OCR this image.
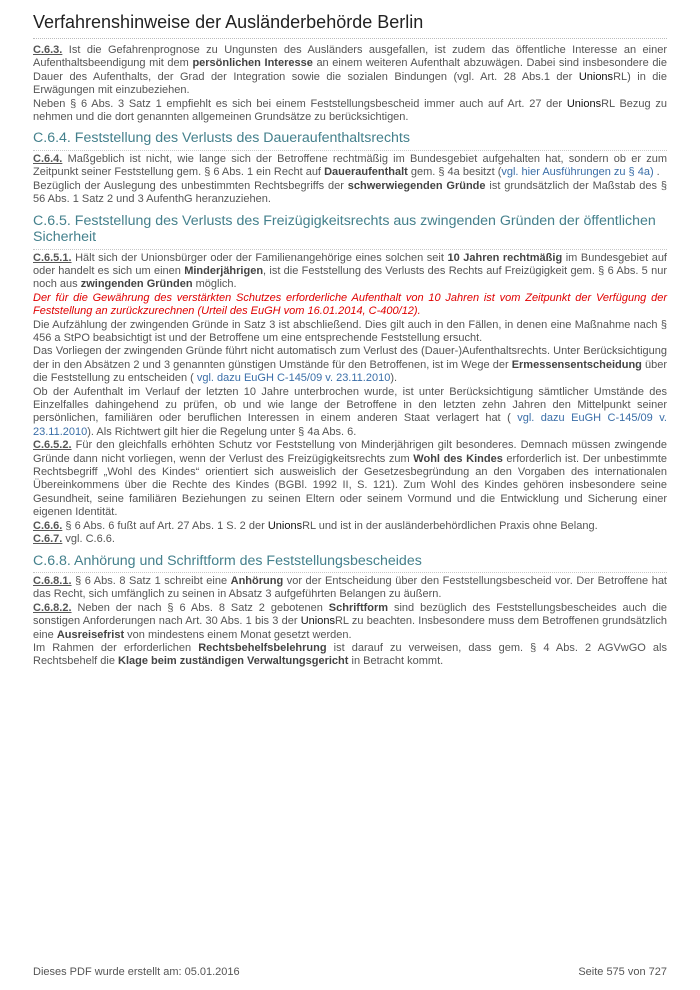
Verfahrenshinweise der Ausländerbehörde Berlin

C.6.3. Ist die Gefahrenprognose zu Ungunsten des Ausländers ausgefallen, ist zudem das öffentliche Interesse an einer Aufenthaltsbeendigung mit dem persönlichen Interesse an einem weiteren Aufenthalt abzuwägen. Dabei sind insbesondere die Dauer des Aufenthalts, der Grad der Integration sowie die sozialen Bindungen (vgl. Art. 28 Abs.1 der UnionsRL) in die Erwägungen mit einzubeziehen.

Neben § 6 Abs. 3 Satz 1 empfiehlt es sich bei einem Feststellungsbescheid immer auch auf Art. 27 der UnionsRL Bezug zu nehmen und die dort genannten allgemeinen Grundsätze zu berücksichtigen.

C.6.4. Feststellung des Verlusts des Daueraufenthaltsrechts

C.6.4. Maßgeblich ist nicht, wie lange sich der Betroffene rechtmäßig im Bundesgebiet aufgehalten hat, sondern ob er zum Zeitpunkt seiner Feststellung gem. § 6 Abs. 1 ein Recht auf Daueraufenthalt gem. § 4a besitzt (vgl. hier Ausführungen zu § 4a) .

Bezüglich der Auslegung des unbestimmten Rechtsbegriffs der schwerwiegenden Gründe ist grundsätzlich der Maßstab des § 56 Abs. 1 Satz 2 und 3 AufenthG heranzuziehen.

C.6.5. Feststellung des Verlusts des Freizügigkeitsrechts aus zwingenden Gründen der öffentlichen Sicherheit

C.6.5.1. Hält sich der Unionsbürger oder der Familienangehörige eines solchen seit 10 Jahren rechtmäßig im Bundesgebiet auf oder handelt es sich um einen Minderjährigen, ist die Feststellung des Verlusts des Rechts auf Freizügigkeit gem. § 6 Abs. 5 nur noch aus zwingenden Gründen möglich.

Der für die Gewährung des verstärkten Schutzes erforderliche Aufenthalt von 10 Jahren ist vom Zeitpunkt der Verfügung der Feststellung an zurückzurechnen (Urteil des EuGH vom 16.01.2014, C-400/12).

Die Aufzählung der zwingenden Gründe in Satz 3 ist abschließend. Dies gilt auch in den Fällen, in denen eine Maßnahme nach § 456 a StPO beabsichtigt ist und der Betroffene um eine entsprechende Feststellung ersucht.

Das Vorliegen der zwingenden Gründe führt nicht automatisch zum Verlust des (Dauer-)Aufenthaltsrechts. Unter Berücksichtigung der in den Absätzen 2 und 3 genannten günstigen Umstände für den Betroffenen, ist im Wege der Ermessensentscheidung über die Feststellung zu entscheiden ( vgl. dazu EuGH C-145/09 v. 23.11.2010).

Ob der Aufenthalt im Verlauf der letzten 10 Jahre unterbrochen wurde, ist unter Berücksichtigung sämtlicher Umstände des Einzelfalles dahingehend zu prüfen, ob und wie lange der Betroffene in den letzten zehn Jahren den Mittelpunkt seiner persönlichen, familiären oder beruflichen Interessen in einem anderen Staat verlagert hat ( vgl. dazu EuGH C-145/09 v. 23.11.2010). Als Richtwert gilt hier die Regelung unter § 4a Abs. 6.

C.6.5.2. Für den gleichfalls erhöhten Schutz vor Feststellung von Minderjährigen gilt besonderes. Demnach müssen zwingende Gründe dann nicht vorliegen, wenn der Verlust des Freizügigkeitsrechts zum Wohl des Kindes erforderlich ist. Der unbestimmte Rechtsbegriff „Wohl des Kindes“ orientiert sich ausweislich der Gesetzesbegründung an den Vorgaben des internationalen Übereinkommens über die Rechte des Kindes (BGBl. 1992 II, S. 121). Zum Wohl des Kindes gehören insbesondere seine Gesundheit, seine familiären Beziehungen zu seinen Eltern oder seinem Vormund und die Entwicklung und Sicherung einer eigenen Identität.

C.6.6. § 6 Abs. 6 fußt auf Art. 27 Abs. 1 S. 2 der UnionsRL und ist in der ausländerbehördlichen Praxis ohne Belang.

C.6.7. vgl. C.6.6.

C.6.8. Anhörung und Schriftform des Feststellungsbescheides

C.6.8.1. § 6 Abs. 8 Satz 1 schreibt eine Anhörung vor der Entscheidung über den Feststellungsbescheid vor. Der Betroffene hat das Recht, sich umfänglich zu seinen in Absatz 3 aufgeführten Belangen zu äußern.

C.6.8.2. Neben der nach § 6 Abs. 8 Satz 2 gebotenen Schriftform sind bezüglich des Feststellungsbescheides auch die sonstigen Anforderungen nach Art. 30 Abs. 1 bis 3 der UnionsRL zu beachten. Insbesondere muss dem Betroffenen grundsätzlich eine Ausreisefrist von mindestens einem Monat gesetzt werden.

Im Rahmen der erforderlichen Rechtsbehelfsbelehrung ist darauf zu verweisen, dass gem. § 4 Abs. 2 AGVwGO als Rechtsbehelf die Klage beim zuständigen Verwaltungsgericht in Betracht kommt.

Dieses PDF wurde erstellt am: 05.01.2016	Seite 575 von 727
